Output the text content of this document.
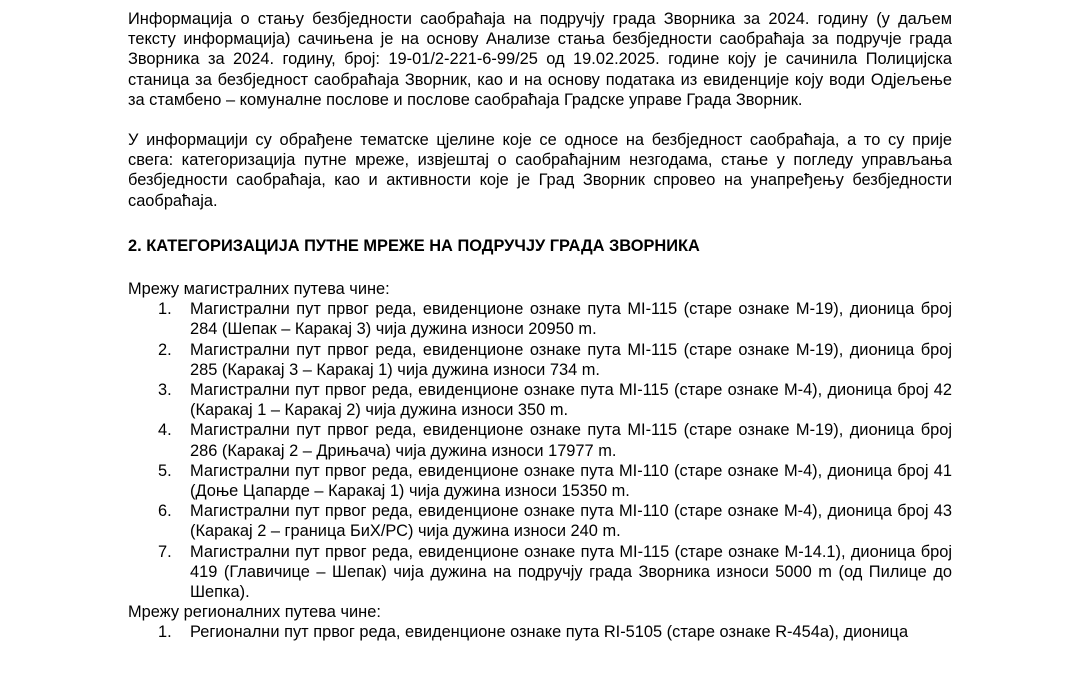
Информација о стању безбједности саобраћаја на подручју града Зворника за 2024. годину (у даљем тексту информација) сачињена је на основу Анализе стања безбједности саобраћаја за подручје града Зворника за 2024. годину, број: 19-01/2-221-6-99/25 од 19.02.2025. године коју је сачинила Полицијска станица за безбједност саобраћаја Зворник, као и на основу података из евиденције коју води Одјељење за стамбено – комуналне послове и послове саобраћаја Градске управе Града Зворник.

У информацији су обрађене тематске цјелине које се односе на безбједност саобраћаја, а то су прије свега: категоризација путне мреже, извјештај о саобраћајним незгодама, стање у погледу управљања безбједности саобраћаја, као и активности које је Град Зворник спровео на унапређењу безбједности саобраћаја.

2. КАТЕГОРИЗАЦИЈА ПУТНЕ МРЕЖЕ НА ПОДРУЧЈУ ГРАДА ЗВОРНИКА

Мрежу магистралних путева чине:

1. Магистрални пут првог реда, евиденционе ознаке пута MI-115 (старе ознаке М-19), дионица број 284 (Шепак – Каракај 3) чија дужина износи 20950 m.
2. Магистрални пут првог реда, евиденционе ознаке пута MI-115 (старе ознаке М-19), дионица број 285 (Каракај 3 – Каракај 1) чија дужина износи 734 m.
3. Магистрални пут првог реда, евиденционе ознаке пута MI-115 (старе ознаке М-4), дионица број 42 (Каракај 1 – Каракај 2) чија дужина износи 350 m.
4. Магистрални пут првог реда, евиденционе ознаке пута MI-115 (старе ознаке М-19), дионица број 286 (Каракај 2 – Дрињача) чија дужина износи 17977 m.
5. Магистрални пут првог реда, евиденционе ознаке пута MI-110 (старе ознаке М-4), дионица број 41 (Доње Цапарде – Каракај 1) чија дужина износи 15350 m.
6. Магистрални пут првог реда, евиденционе ознаке пута MI-110 (старе ознаке М-4), дионица број 43 (Каракај 2 – граница БиХ/РС) чија дужина износи 240 m.
7. Магистрални пут првог реда, евиденционе ознаке пута MI-115 (старе ознаке М-14.1), дионица број 419 (Главичице – Шепак) чија дужина на подручју града Зворника износи 5000 m (од Пилице до Шепка).

Мрежу регионалних путева чине:

1. Регионални пут првог реда, евиденционе ознаке пута RI-5105 (старе ознаке R-454a), дионица
